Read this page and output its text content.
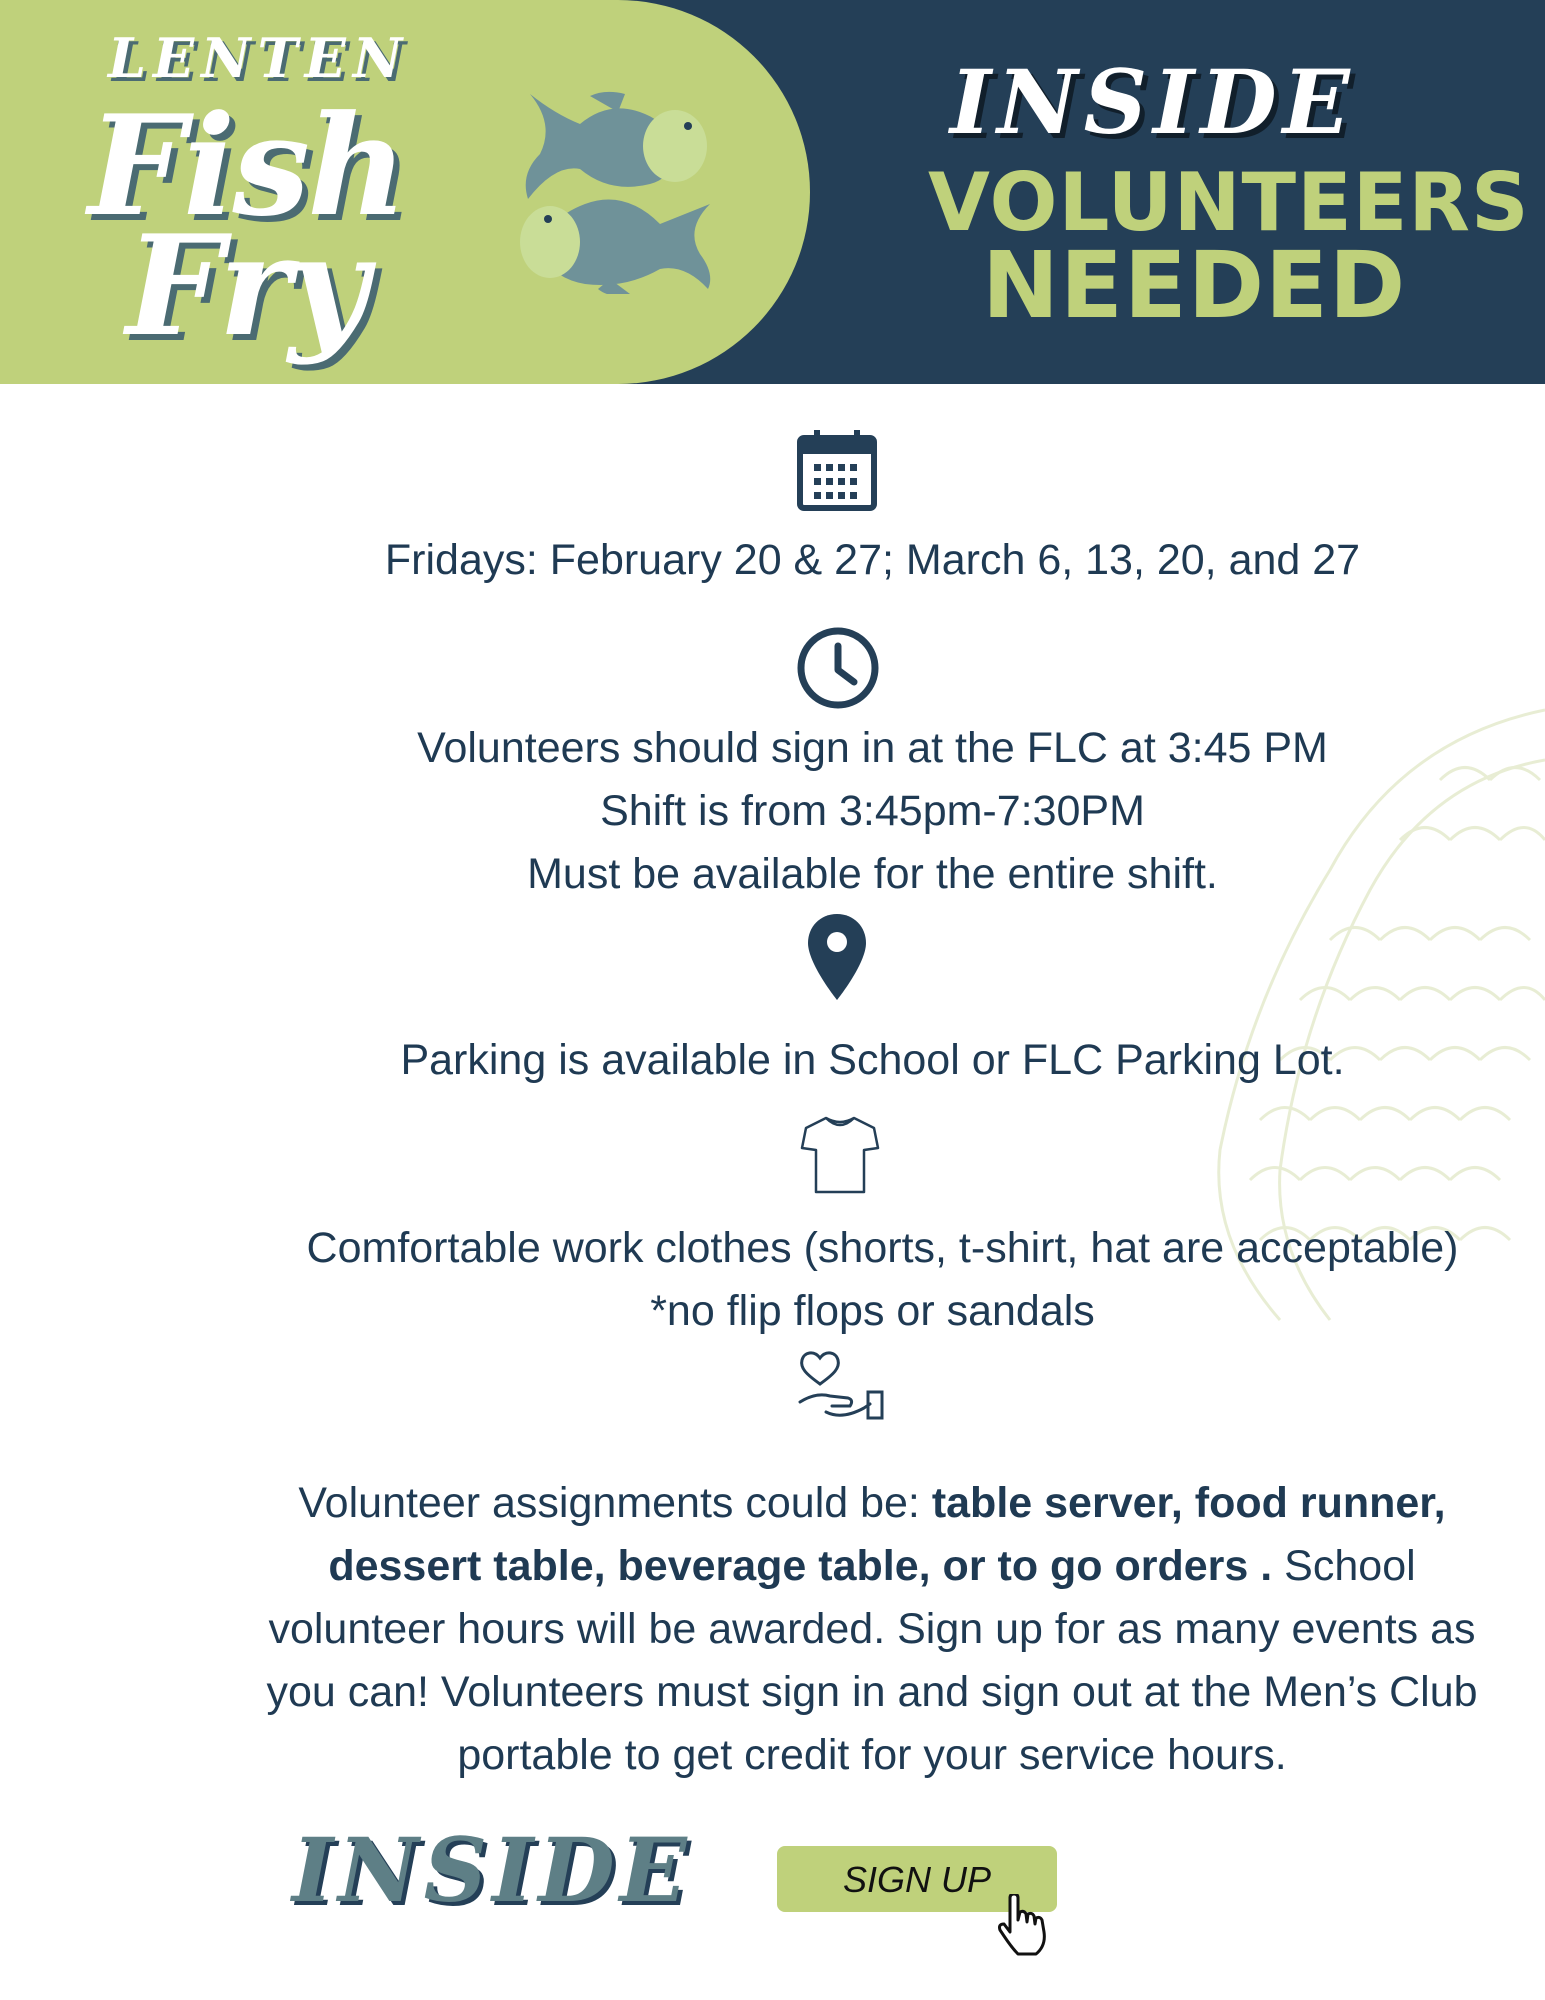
LENTEN
Fish
Fry
INSIDE
VOLUNTEERS
NEEDED
Fridays: February 20 & 27; March 6, 13, 20, and 27
Volunteers should sign in at the FLC at 3:45 PM
Shift is from 3:45pm-7:30PM
Must be available for the entire shift.
Parking is available in School or FLC Parking Lot.
Comfortable work clothes (shorts, t-shirt, hat are acceptable)
*no flip flops or sandals
Volunteer assignments could be: table server, food runner, dessert table, beverage table, or to go orders . School volunteer hours will be awarded. Sign up for as many events as you can! Volunteers must sign in and sign out at the Men’s Club portable to get credit for your service hours.
INSIDE	SIGN UP
